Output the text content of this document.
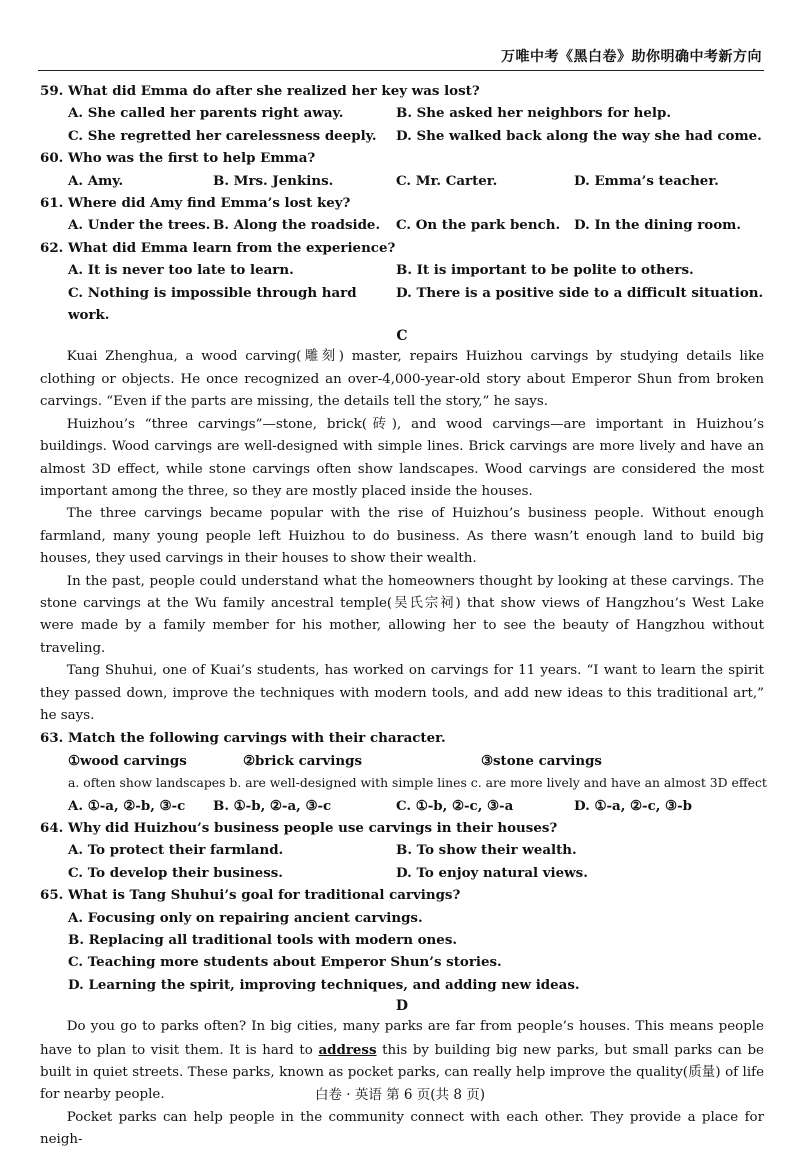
万唯中考《黑白卷》助你明确中考新方向

59. What did Emma do after she realized her key was lost?

A. She called her parents right away.	B. She asked her neighbors for help.
C. She regretted her carelessness deeply.	D. She walked back along the way she had come.

60. Who was the first to help Emma?

A. Amy.	B. Mrs. Jenkins.	C. Mr. Carter.	D. Emma’s teacher.

61. Where did Amy find Emma’s lost key?

A. Under the trees. B. Along the roadside.	C. On the park bench.	D. In the dining room.

62. What did Emma learn from the experience?

A. It is never too late to learn.	B. It is important to be polite to others.
C. Nothing is impossible through hard work.
D. There is a positive side to a difficult situation.

C

Kuai Zhenghua, a wood carving(雕刻) master, repairs Huizhou carvings by studying details like clothing or objects. He once recognized an over-4,000-year-old story about Emperor Shun from broken carvings. “Even if the parts are missing, the details tell the story,” he says.

Huizhou’s “three carvings”—stone, brick(砖), and wood carvings—are important in Huizhou’s buildings. Wood carvings are well-designed with simple lines. Brick carvings are more lively and have an almost 3D effect, while stone carvings often show landscapes. Wood carvings are considered the most important among the three, so they are mostly placed inside the houses.

The three carvings became popular with the rise of Huizhou’s business people. Without enough farmland, many young people left Huizhou to do business. As there wasn’t enough land to build big houses, they used carvings in their houses to show their wealth.

In the past, people could understand what the homeowners thought by looking at these carvings. The stone carvings at the Wu family ancestral temple(吴氏宗祠) that show views of Hangzhou’s West Lake were made by a family member for his mother, allowing her to see the beauty of Hangzhou without traveling.

Tang Shuhui, one of Kuai’s students, has worked on carvings for 11 years. “I want to learn the spirit they passed down, improve the techniques with modern tools, and add new ideas to this traditional art,” he says.

63. Match the following carvings with their character.

①wood carvings	②brick carvings	③stone carvings
a. often show landscapes b. are well-designed with simple lines c. are more lively and have an almost 3D effect
A. ①-a, ②-b, ③-c	B. ①-b, ②-a, ③-c	C. ①-b, ②-c, ③-a	D. ①-a, ②-c, ③-b

64. Why did Huizhou’s business people use carvings in their houses?

A. To protect their farmland.	B. To show their wealth.
C. To develop their business.	D. To enjoy natural views.

65. What is Tang Shuhui’s goal for traditional carvings?

A. Focusing only on repairing ancient carvings.
B. Replacing all traditional tools with modern ones.
C. Teaching more students about Emperor Shun’s stories.
D. Learning the spirit, improving techniques, and adding new ideas.

D

Do you go to parks often? In big cities, many parks are far from people’s houses. This means people have to plan to visit them. It is hard to address this by building big new parks, but small parks can be built in quiet streets. These parks, known as pocket parks, can really help improve the quality(质量) of life for nearby people.

Pocket parks can help people in the community connect with each other. They provide a place for neigh-

白卷 · 英语 第 6 页(共 8 页)
